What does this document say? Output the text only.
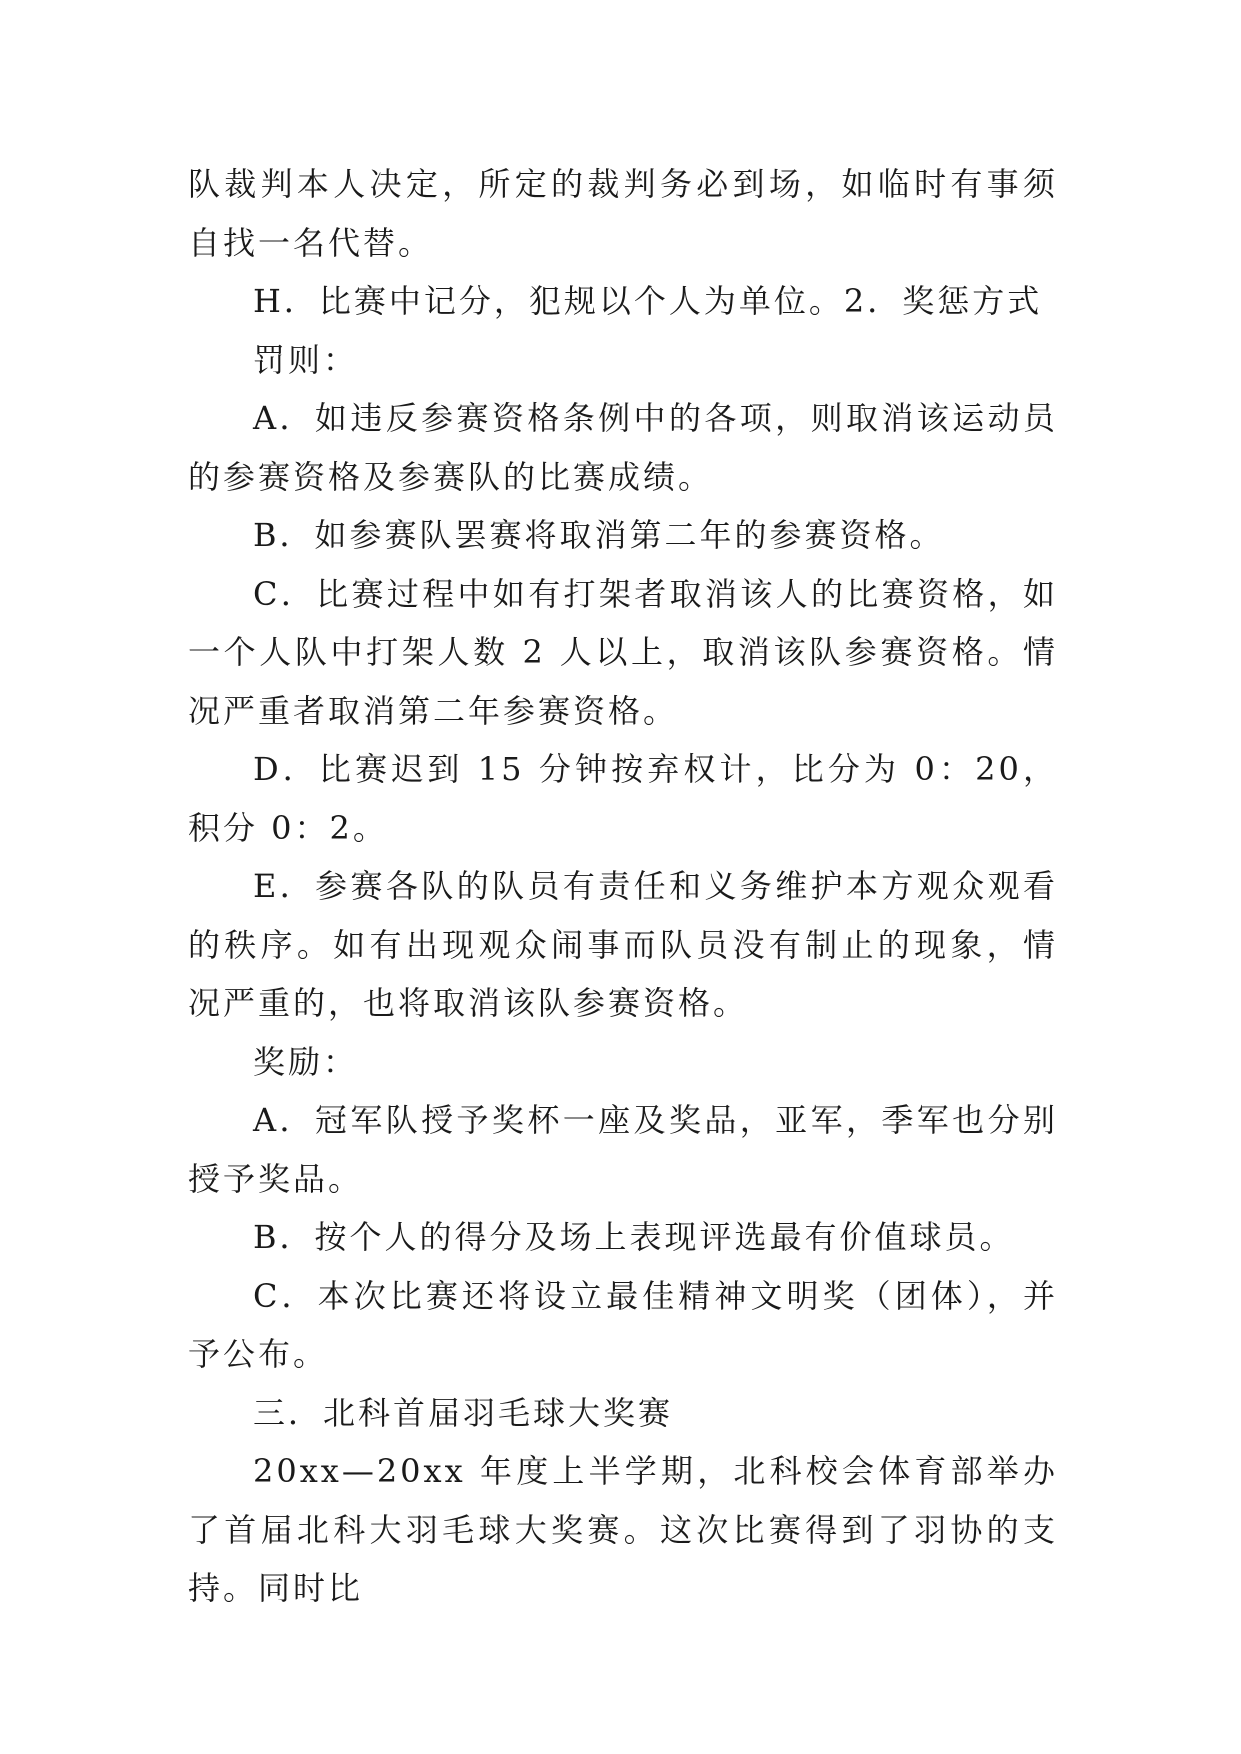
队裁判本人决定，所定的裁判务必到场，如临时有事须自找一名代替。

H．比赛中记分，犯规以个人为单位。2．奖惩方式

罚则：

A．如违反参赛资格条例中的各项，则取消该运动员的参赛资格及参赛队的比赛成绩。

B．如参赛队罢赛将取消第二年的参赛资格。

C．比赛过程中如有打架者取消该人的比赛资格，如一个人队中打架人数 2 人以上，取消该队参赛资格。情况严重者取消第二年参赛资格。

D．比赛迟到 15 分钟按弃权计，比分为 0：20，积分 0：2。

E．参赛各队的队员有责任和义务维护本方观众观看的秩序。如有出现观众闹事而队员没有制止的现象，情况严重的，也将取消该队参赛资格。

奖励：

A．冠军队授予奖杯一座及奖品，亚军，季军也分别授予奖品。

B．按个人的得分及场上表现评选最有价值球员。

C．本次比赛还将设立最佳精神文明奖（团体），并予公布。

三．北科首届羽毛球大奖赛

20xx—20xx 年度上半学期，北科校会体育部举办了首届北科大羽毛球大奖赛。这次比赛得到了羽协的支持。同时比
